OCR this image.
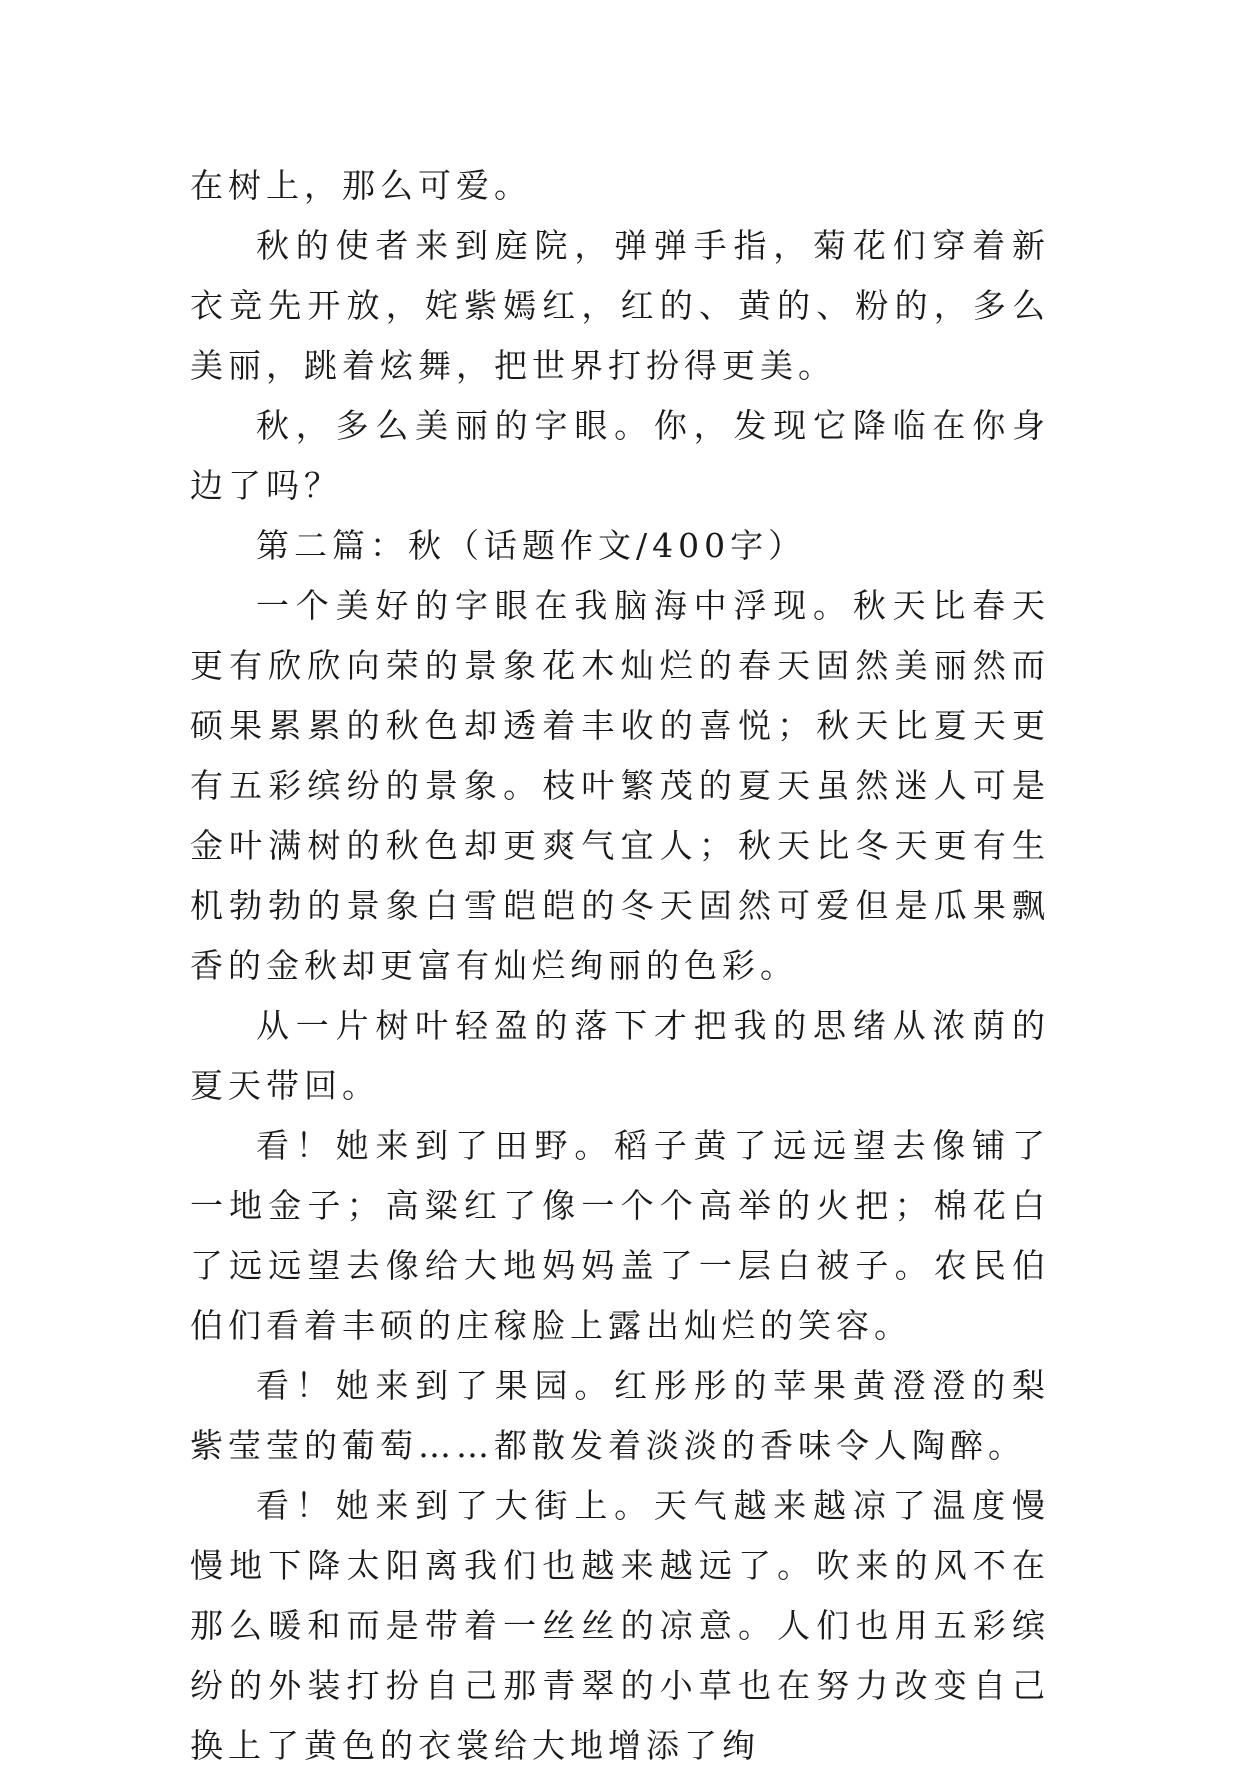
在树上，那么可爱。

秋的使者来到庭院，弹弹手指，菊花们穿着新衣竞先开放，姹紫嫣红，红的、黄的、粉的，多么美丽，跳着炫舞，把世界打扮得更美。

秋，多么美丽的字眼。你，发现它降临在你身边了吗？

第二篇：秋（话题作文/400字）

一个美好的字眼在我脑海中浮现。秋天比春天更有欣欣向荣的景象花木灿烂的春天固然美丽然而硕果累累的秋色却透着丰收的喜悦；秋天比夏天更有五彩缤纷的景象。枝叶繁茂的夏天虽然迷人可是金叶满树的秋色却更爽气宜人；秋天比冬天更有生机勃勃的景象白雪皑皑的冬天固然可爱但是瓜果飘香的金秋却更富有灿烂绚丽的色彩。

从一片树叶轻盈的落下才把我的思绪从浓荫的夏天带回。

看！她来到了田野。稻子黄了远远望去像铺了一地金子；高粱红了像一个个高举的火把；棉花白了远远望去像给大地妈妈盖了一层白被子。农民伯伯们看着丰硕的庄稼脸上露出灿烂的笑容。

看！她来到了果园。红彤彤的苹果黄澄澄的梨紫莹莹的葡萄……都散发着淡淡的香味令人陶醉。

看！她来到了大街上。天气越来越凉了温度慢慢地下降太阳离我们也越来越远了。吹来的风不在那么暖和而是带着一丝丝的凉意。人们也用五彩缤纷的外装打扮自己那青翠的小草也在努力改变自己换上了黄色的衣裳给大地增添了绚
